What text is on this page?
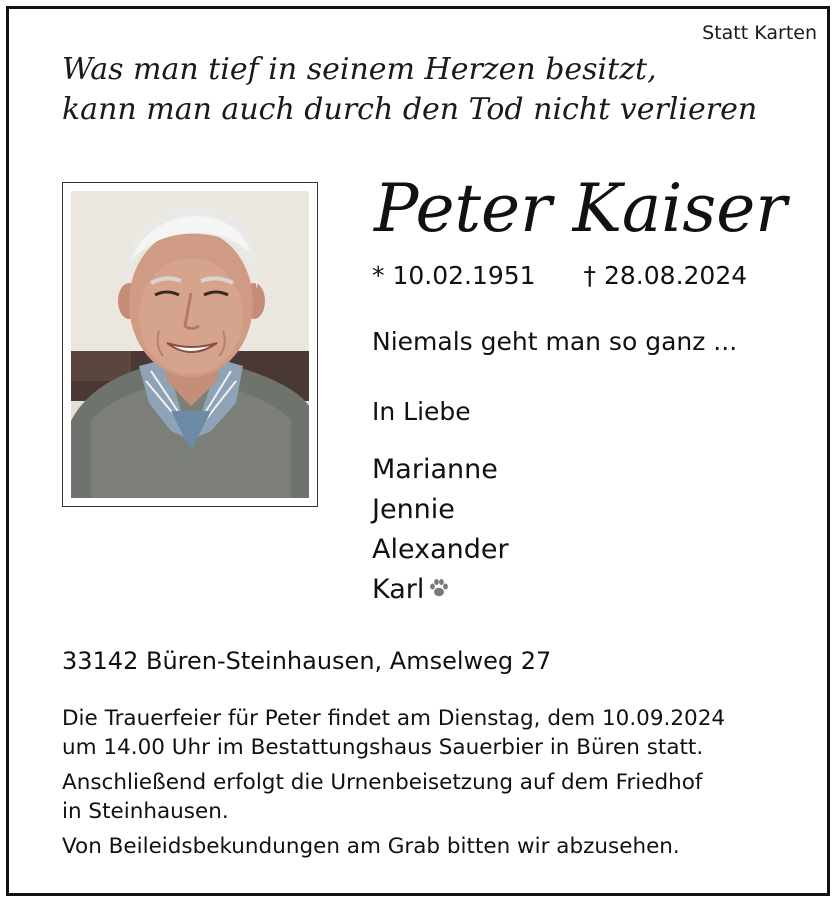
Statt Karten
Was man tief in seinem Herzen besitzt,
kann man auch durch den Tod nicht verlieren
Peter Kaiser
* 10.02.1951 † 28.08.2024
Niemals geht man so ganz ...
In Liebe
Marianne
Jennie
Alexander
Karl
33142 Büren-Steinhausen, Amselweg 27

Die Trauerfeier für Peter findet am Dienstag, dem 10.09.2024
um 14.00 Uhr im Bestattungshaus Sauerbier in Büren statt.

Anschließend erfolgt die Urnenbeisetzung auf dem Friedhof
in Steinhausen.

Von Beileidsbekundungen am Grab bitten wir abzusehen.
